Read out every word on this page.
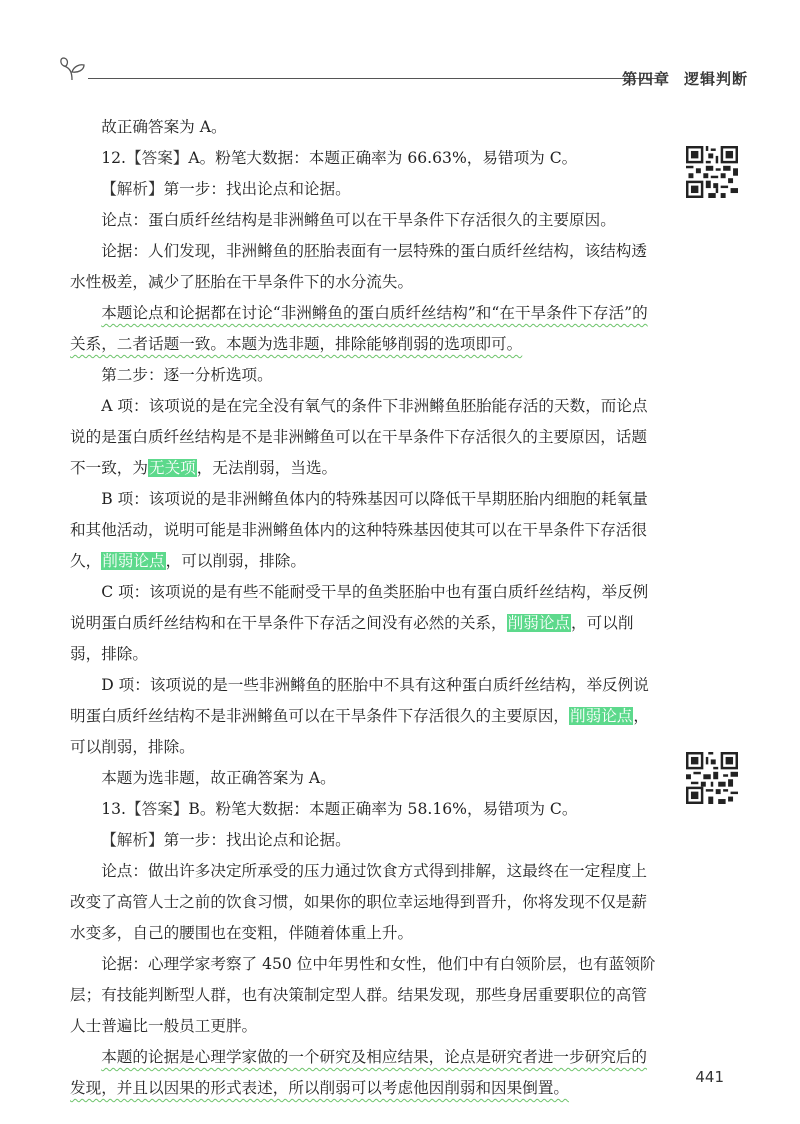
第四章 逻辑判断

故正确答案为 A。

12.【答案】A。粉笔大数据：本题正确率为 66.63%，易错项为 C。

【解析】第一步：找出论点和论据。

论点：蛋白质纤丝结构是非洲鳉鱼可以在干旱条件下存活很久的主要原因。

论据：人们发现，非洲鳉鱼的胚胎表面有一层特殊的蛋白质纤丝结构，该结构透水性极差，减少了胚胎在干旱条件下的水分流失。

本题论点和论据都在讨论“非洲鳉鱼的蛋白质纤丝结构”和“在干旱条件下存活”的关系，二者话题一致。本题为选非题，排除能够削弱的选项即可。

第二步：逐一分析选项。

A 项：该项说的是在完全没有氧气的条件下非洲鳉鱼胚胎能存活的天数，而论点说的是蛋白质纤丝结构是不是非洲鳉鱼可以在干旱条件下存活很久的主要原因，话题不一致，为无关项，无法削弱，当选。

B 项：该项说的是非洲鳉鱼体内的特殊基因可以降低干旱期胚胎内细胞的耗氧量和其他活动，说明可能是非洲鳉鱼体内的这种特殊基因使其可以在干旱条件下存活很久，削弱论点，可以削弱，排除。

C 项：该项说的是有些不能耐受干旱的鱼类胚胎中也有蛋白质纤丝结构，举反例说明蛋白质纤丝结构和在干旱条件下存活之间没有必然的关系，削弱论点，可以削弱，排除。

D 项：该项说的是一些非洲鳉鱼的胚胎中不具有这种蛋白质纤丝结构，举反例说明蛋白质纤丝结构不是非洲鳉鱼可以在干旱条件下存活很久的主要原因，削弱论点，可以削弱，排除。

本题为选非题，故正确答案为 A。

13.【答案】B。粉笔大数据：本题正确率为 58.16%，易错项为 C。

【解析】第一步：找出论点和论据。

论点：做出许多决定所承受的压力通过饮食方式得到排解，这最终在一定程度上改变了高管人士之前的饮食习惯，如果你的职位幸运地得到晋升，你将发现不仅是薪水变多，自己的腰围也在变粗，伴随着体重上升。

论据：心理学家考察了 450 位中年男性和女性，他们中有白领阶层，也有蓝领阶层；有技能判断型人群，也有决策制定型人群。结果发现，那些身居重要职位的高管人士普遍比一般员工更胖。

本题的论据是心理学家做的一个研究及相应结果，论点是研究者进一步研究后的发现，并且以因果的形式表述，所以削弱可以考虑他因削弱和因果倒置。

441
